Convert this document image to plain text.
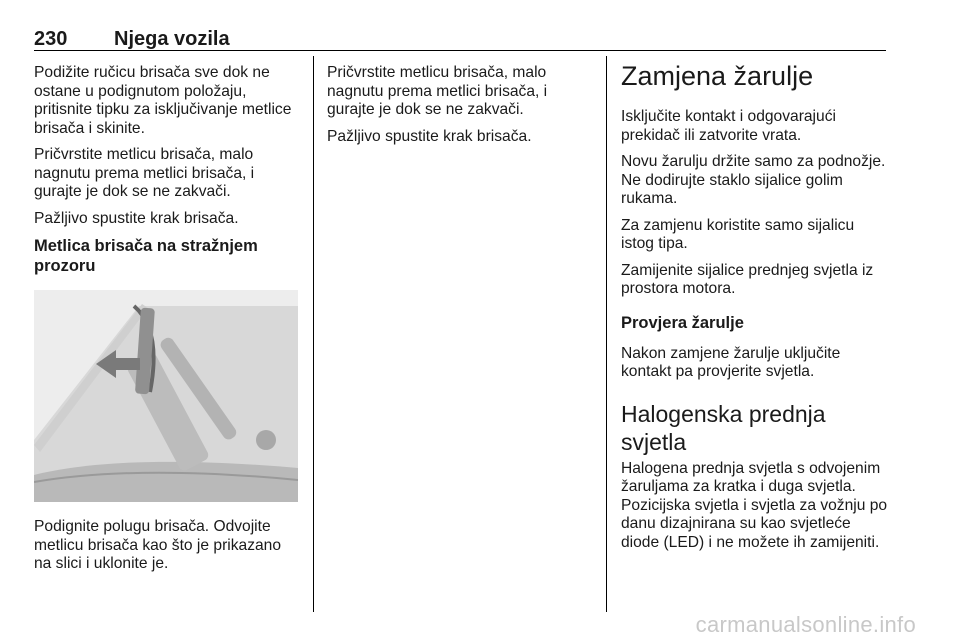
230 Njega vozila

Podižite ručicu brisača sve dok ne ostane u podignutom položaju, pritisnite tipku za isključivanje metlice brisača i skinite.

Pričvrstite metlicu brisača, malo nagnutu prema metlici brisača, i gurajte je dok se ne zakvači.

Pažljivo spustite krak brisača.

Metlica brisača na stražnjem prozoru

Podignite polugu brisača. Odvojite metlicu brisača kao što je prikazano na slici i uklonite je.

Pričvrstite metlicu brisača, malo nagnutu prema metlici brisača, i gurajte je dok se ne zakvači.

Pažljivo spustite krak brisača.

Zamjena žarulje

Isključite kontakt i odgovarajući prekidač ili zatvorite vrata.

Novu žarulju držite samo za podnožje. Ne dodirujte staklo sijalice golim rukama.

Za zamjenu koristite samo sijalicu istog tipa.

Zamijenite sijalice prednjeg svjetla iz prostora motora.

Provjera žarulje

Nakon zamjene žarulje uključite kontakt pa provjerite svjetla.

Halogenska prednja svjetla

Halogena prednja svjetla s odvojenim žaruljama za kratka i duga svjetla. Pozicijska svjetla i svjetla za vožnju po danu dizajnirana su kao svjetleće diode (LED) i ne možete ih zamijeniti.

carmanualsonline.info
